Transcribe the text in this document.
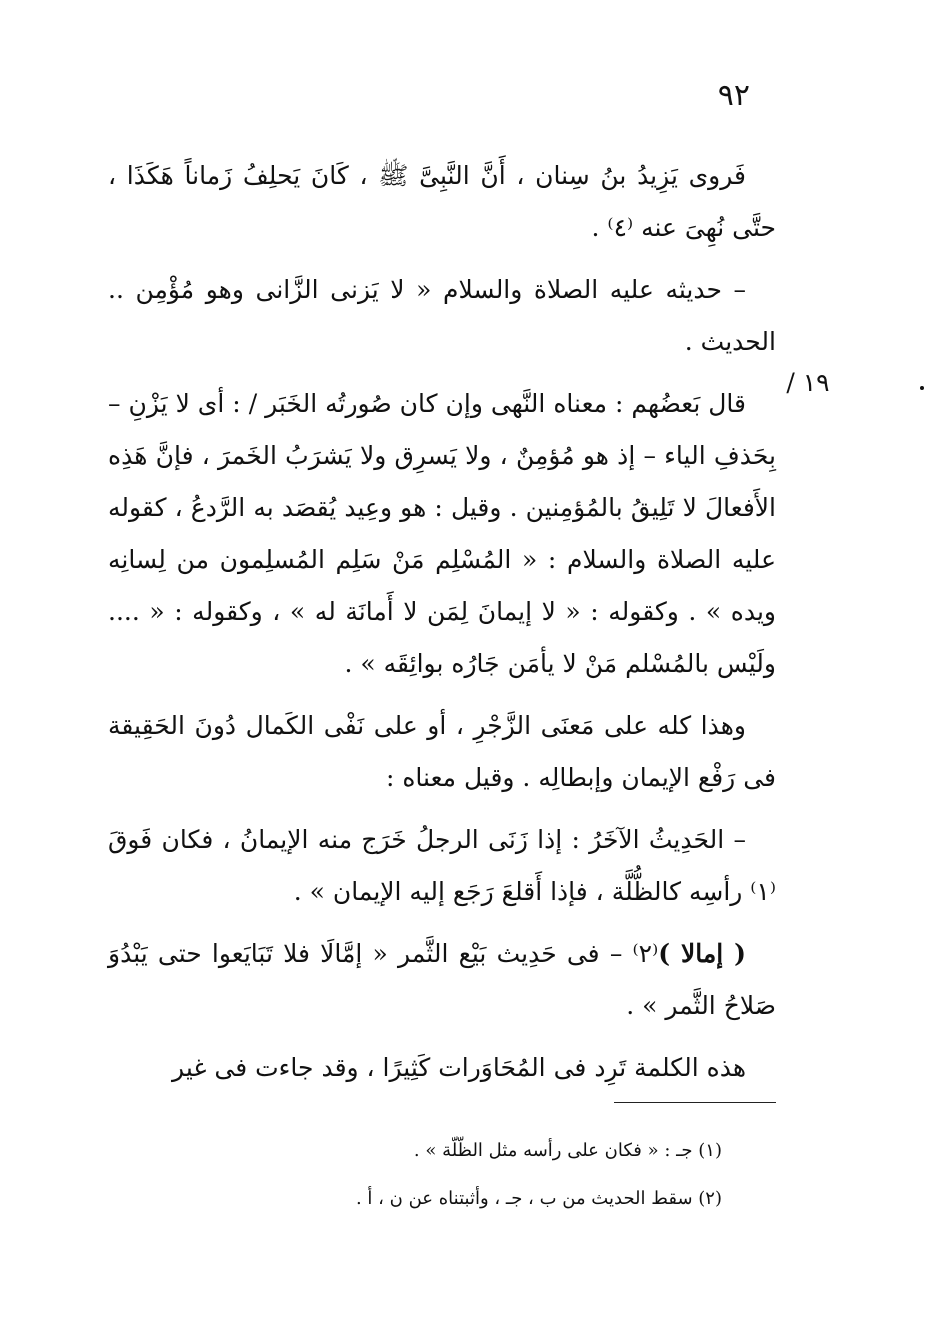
٩٢
١٩ /

فَروى يَزِيدُ بنُ سِنان ، أَنَّ النَّبِىَّ ﷺ ، كَانَ يَحلِفُ زَماناً هَكَذَا ، حتَّى نُهِىَ عنه ⁽٤⁾ .

– حديثه عليه الصلاة والسلام « لا يَزنى الزَّانى وهو مُؤْمِن .. الحديث .

قال بَعضُهم : معناه النَّهى وإن كان صُورتُه الخَبَر / : أى لا يَزْنِ – بِحَذفِ الياء – إذ هو مُؤمِنٌ ، ولا يَسرِق ولا يَشرَبُ الخَمرَ ، فإنَّ هَذِه الأَفعالَ لا تَلِيقُ بالمُؤمِنين . وقيل : هو وعِيد يُقصَد به الرَّدعُ ، كقوله عليه الصلاة والسلام : « المُسْلِم مَنْ سَلِم المُسلِمون من لِسانِه ويده » . وكقوله : « لا إيمانَ لِمَن لا أَمانَة له » ، وكقوله : « .... ولَيْس بالمُسْلم مَنْ لا يأمَن جَارُه بوائِقَه » .

وهذا كله على مَعنَى الزَّجْرِ ، أو على نَفْى الكَمال دُونَ الحَقِيقة فى رَفْع الإيمان وإبطالِه . وقيل معناه :

– الحَدِيثُ الآخَرُ : إذا زَنَى الرجلُ خَرَج منه الإيمانُ ، فكان فَوقَ ⁽١⁾ رأسِه كالظُّلَّة ، فإذا أَقلعَ رَجَع إليه الإيمان » .

( إمالا )⁽٢⁾ – فى حَدِيث بَيْع الثَّمر « إمَّالَا فلا تَبَايَعوا حتى يَبْدُوَ صَلاحُ الثَّمر » .

هذه الكلمة تَرِد فى المُحَاوَرات كَثِيرًا ، وقد جاءت فى غير

(١) جـ : « فكان على رأسه مثل الظّلّة » .
(٢) سقط الحديث من ب ، جـ ، وأثبتناه عن ن ، أ .
